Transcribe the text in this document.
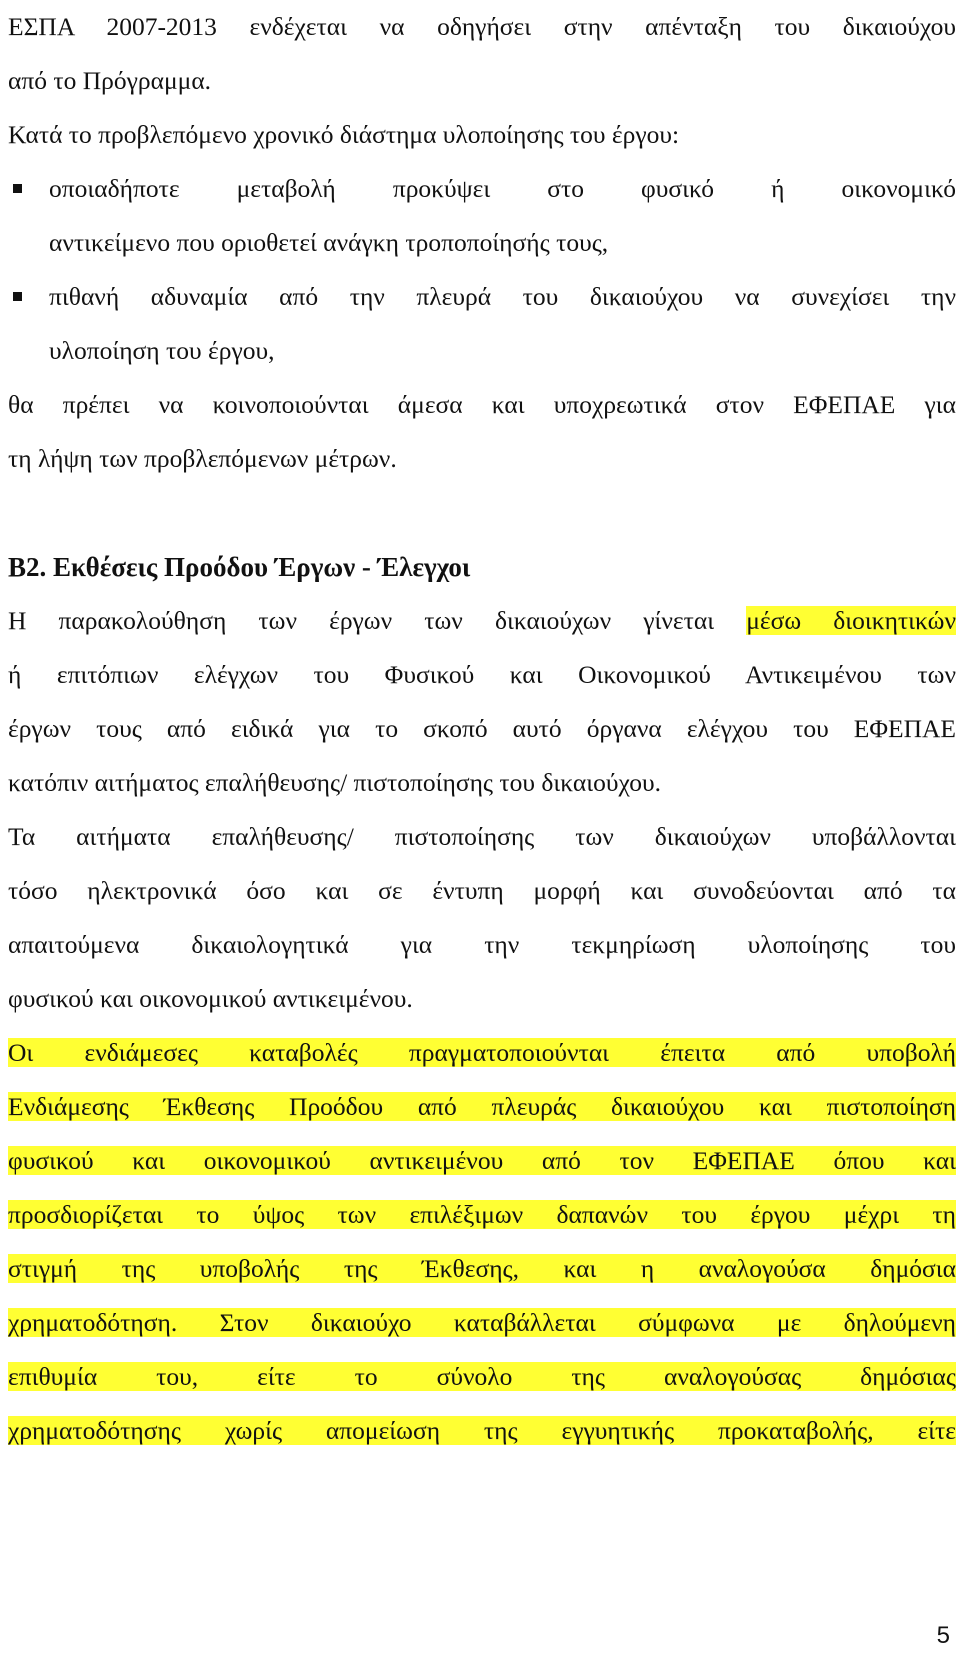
ΕΣΠΑ 2007-2013 ενδέχεται να οδηγήσει στην απένταξη του δικαιούχου

από το Πρόγραμμα.

Κατά το προβλεπόμενο χρονικό διάστημα υλοποίησης του έργου:

οποιαδήποτε μεταβολή προκύψει στο φυσικό ή οικονομικό

αντικείμενο που οριοθετεί ανάγκη τροποποίησής τους,

πιθανή αδυναμία από την πλευρά του δικαιούχου να συνεχίσει την

υλοποίηση του έργου,

θα πρέπει να κοινοποιούνται άμεσα και υποχρεωτικά στον ΕΦΕΠΑΕ για

τη λήψη των προβλεπόμενων μέτρων.

Β2. Εκθέσεις Προόδου Έργων - Έλεγχοι
Η παρακολούθηση των έργων των δικαιούχων γίνεται μέσω διοικητικών

ή επιτόπιων ελέγχων του Φυσικού και Οικονομικού Αντικειμένου των

έργων τους από ειδικά για το σκοπό αυτό όργανα ελέγχου του ΕΦΕΠΑΕ

κατόπιν αιτήματος επαλήθευσης/ πιστοποίησης του δικαιούχου.

Τα αιτήματα επαλήθευσης/ πιστοποίησης των δικαιούχων υποβάλλονται

τόσο ηλεκτρονικά όσο και σε έντυπη μορφή και συνοδεύονται από τα

απαιτούμενα δικαιολογητικά για την τεκμηρίωση υλοποίησης του

φυσικού και οικονομικού αντικειμένου.

Οι ενδιάμεσες καταβολές πραγματοποιούνται έπειτα από υποβολή

Ενδιάμεσης Έκθεσης Προόδου από πλευράς δικαιούχου και πιστοποίηση

φυσικού και οικονομικού αντικειμένου από τον ΕΦΕΠΑΕ όπου και

προσδιορίζεται το ύψος των επιλέξιμων δαπανών του έργου μέχρι τη

στιγμή της υποβολής της Έκθεσης, και η αναλογούσα δημόσια

χρηματοδότηση. Στον δικαιούχο καταβάλλεται σύμφωνα με δηλούμενη

επιθυμία του, είτε το σύνολο της αναλογούσας δημόσιας

χρηματοδότησης χωρίς απομείωση της εγγυητικής προκαταβολής, είτε

5
